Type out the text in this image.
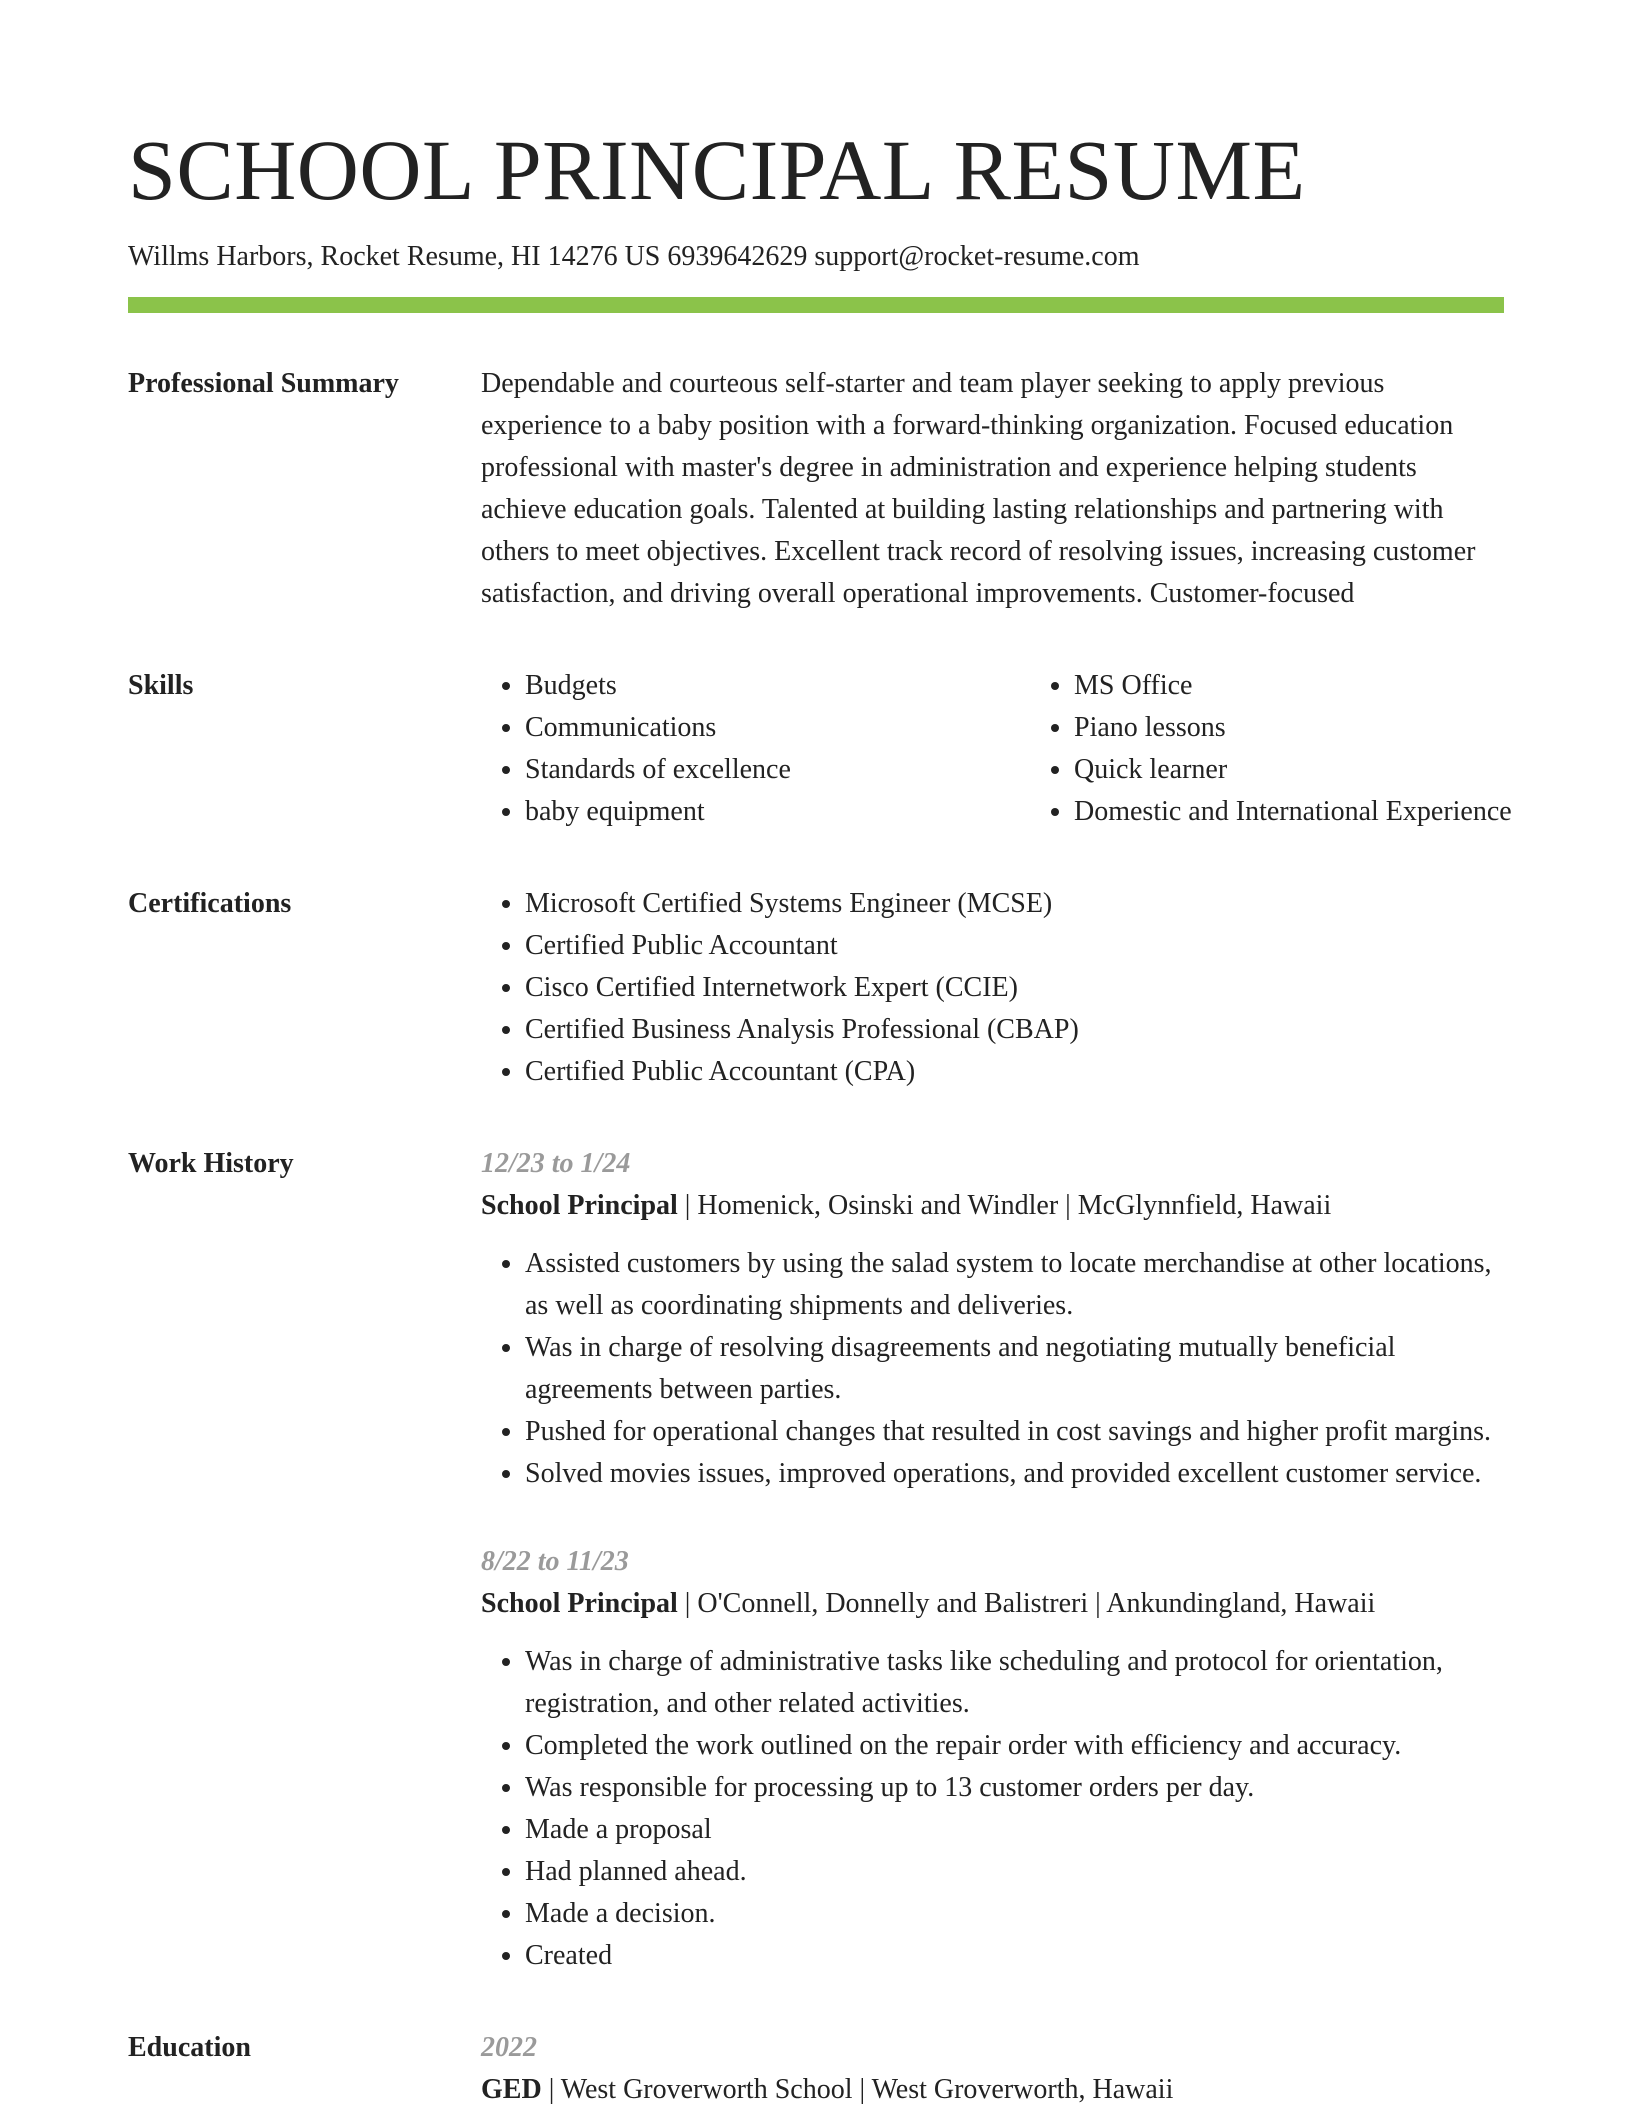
SCHOOL PRINCIPAL RESUME
Willms Harbors, Rocket Resume, HI 14276 US 6939642629 support@rocket-resume.com
Professional Summary	Dependable and courteous self-starter and team player seeking to apply previous experience to a baby position with a forward-thinking organization. Focused education professional with master's degree in administration and experience helping students achieve education goals. Talented at building lasting relationships and partnering with others to meet objectives. Excellent track record of resolving issues, increasing customer satisfaction, and driving overall operational improvements. Customer-focused

Skills	• Budgets
• Communications
• Standards of excellence
• baby equipment
• MS Office
• Piano lessons
• Quick learner
• Domestic and International Experience
Certifications	• Microsoft Certified Systems Engineer (MCSE)
• Certified Public Accountant
• Cisco Certified Internetwork Expert (CCIE)
• Certified Business Analysis Professional (CBAP)
• Certified Public Accountant (CPA)
Work History	12/23 to 1/24
School Principal | Homenick, Osinski and Windler | McGlynnfield, Hawaii
• Assisted customers by using the salad system to locate merchandise at other locations, as well as coordinating shipments and deliveries.
• Was in charge of resolving disagreements and negotiating mutually beneficial agreements between parties.
• Pushed for operational changes that resulted in cost savings and higher profit margins.
• Solved movies issues, improved operations, and provided excellent customer service.
8/22 to 11/23
School Principal | O'Connell, Donnelly and Balistreri | Ankundingland, Hawaii
• Was in charge of administrative tasks like scheduling and protocol for orientation, registration, and other related activities.
• Completed the work outlined on the repair order with efficiency and accuracy.
• Was responsible for processing up to 13 customer orders per day.
• Made a proposal
• Had planned ahead.
• Made a decision.
• Created
Education	2022
GED | West Groverworth School | West Groverworth, Hawaii
